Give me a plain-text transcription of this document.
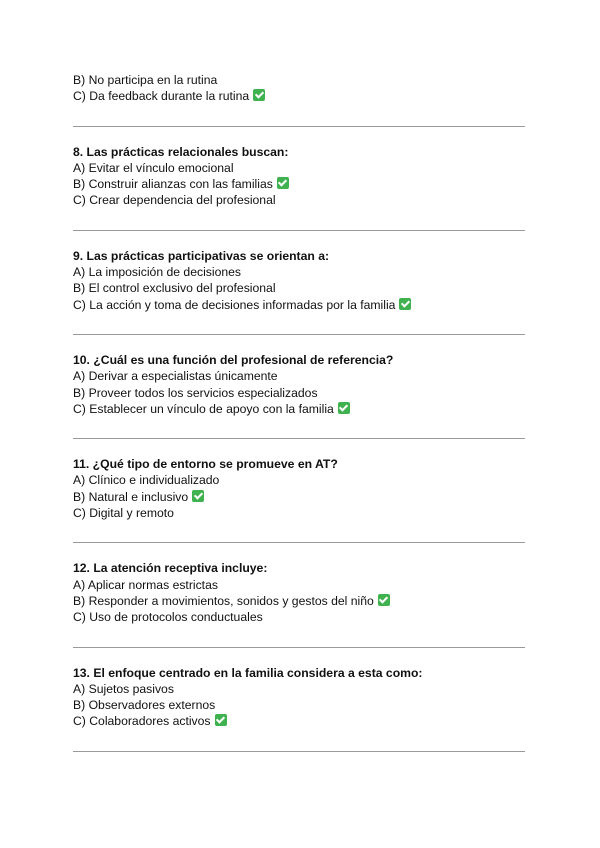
B) No participa en la rutina
C) Da feedback durante la rutina
8. Las prácticas relacionales buscan:
A) Evitar el vínculo emocional
B) Construir alianzas con las familias
C) Crear dependencia del profesional
9. Las prácticas participativas se orientan a:
A) La imposición de decisiones
B) El control exclusivo del profesional
C) La acción y toma de decisiones informadas por la familia
10. ¿Cuál es una función del profesional de referencia?
A) Derivar a especialistas únicamente
B) Proveer todos los servicios especializados
C) Establecer un vínculo de apoyo con la familia
11. ¿Qué tipo de entorno se promueve en AT?
A) Clínico e individualizado
B) Natural e inclusivo
C) Digital y remoto
12. La atención receptiva incluye:
A) Aplicar normas estrictas
B) Responder a movimientos, sonidos y gestos del niño
C) Uso de protocolos conductuales
13. El enfoque centrado en la familia considera a esta como:
A) Sujetos pasivos
B) Observadores externos
C) Colaboradores activos
